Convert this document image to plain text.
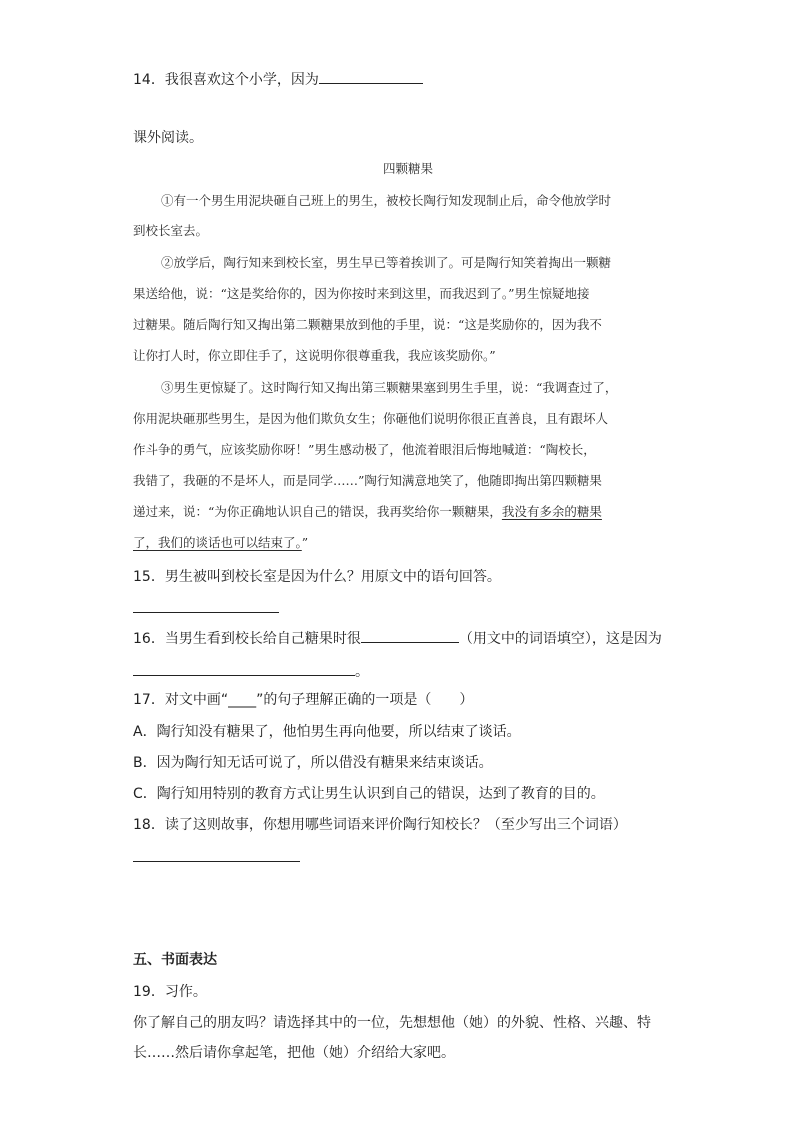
14．我很喜欢这个小学，因为
课外阅读。
四颗糖果
①有一个男生用泥块砸自己班上的男生，被校长陶行知发现制止后，命令他放学时
到校长室去。
②放学后，陶行知来到校长室，男生早已等着挨训了。可是陶行知笑着掏出一颗糖
果送给他，说：“这是奖给你的，因为你按时来到这里，而我迟到了。”男生惊疑地接
过糖果。随后陶行知又掏出第二颗糖果放到他的手里，说：“这是奖励你的，因为我不
让你打人时，你立即住手了，这说明你很尊重我，我应该奖励你。”
③男生更惊疑了。这时陶行知又掏出第三颗糖果塞到男生手里，说：“我调查过了，
你用泥块砸那些男生，是因为他们欺负女生；你砸他们说明你很正直善良，且有跟坏人
作斗争的勇气，应该奖励你呀！”男生感动极了，他流着眼泪后悔地喊道：“陶校长，
我错了，我砸的不是坏人，而是同学……”陶行知满意地笑了，他随即掏出第四颗糖果
递过来，说：“为你正确地认识自己的错误，我再奖给你一颗糖果，我没有多余的糖果
了，我们的谈话也可以结束了。”
15．男生被叫到校长室是因为什么？用原文中的语句回答。
16．当男生看到校长给自己糖果时很	（用文中的词语填空），这是因为
。
17．对文中画“____”的句子理解正确的一项是（　　）
A．陶行知没有糖果了，他怕男生再向他要，所以结束了谈话。
B．因为陶行知无话可说了，所以借没有糖果来结束谈话。
C．陶行知用特别的教育方式让男生认识到自己的错误，达到了教育的目的。
18．读了这则故事，你想用哪些词语来评价陶行知校长？（至少写出三个词语）
五、书面表达
19．习作。
你了解自己的朋友吗？请选择其中的一位，先想想他（她）的外貌、性格、兴趣、特
长……然后请你拿起笔，把他（她）介绍给大家吧。
